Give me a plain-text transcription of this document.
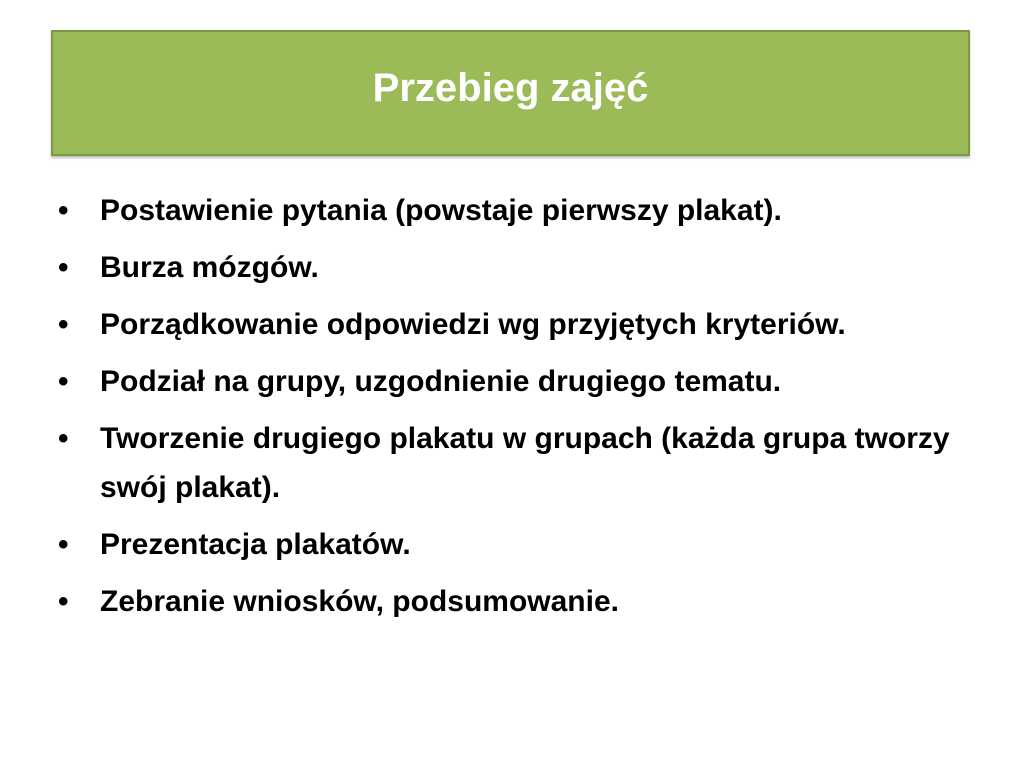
Przebieg zajęć
• Postawienie pytania (powstaje pierwszy plakat).
• Burza mózgów.
• Porządkowanie odpowiedzi wg przyjętych kryteriów.
• Podział na grupy, uzgodnienie drugiego tematu.
• Tworzenie drugiego plakatu w grupach (każda grupa tworzy swój plakat).
• Prezentacja plakatów.
• Zebranie wniosków, podsumowanie.
